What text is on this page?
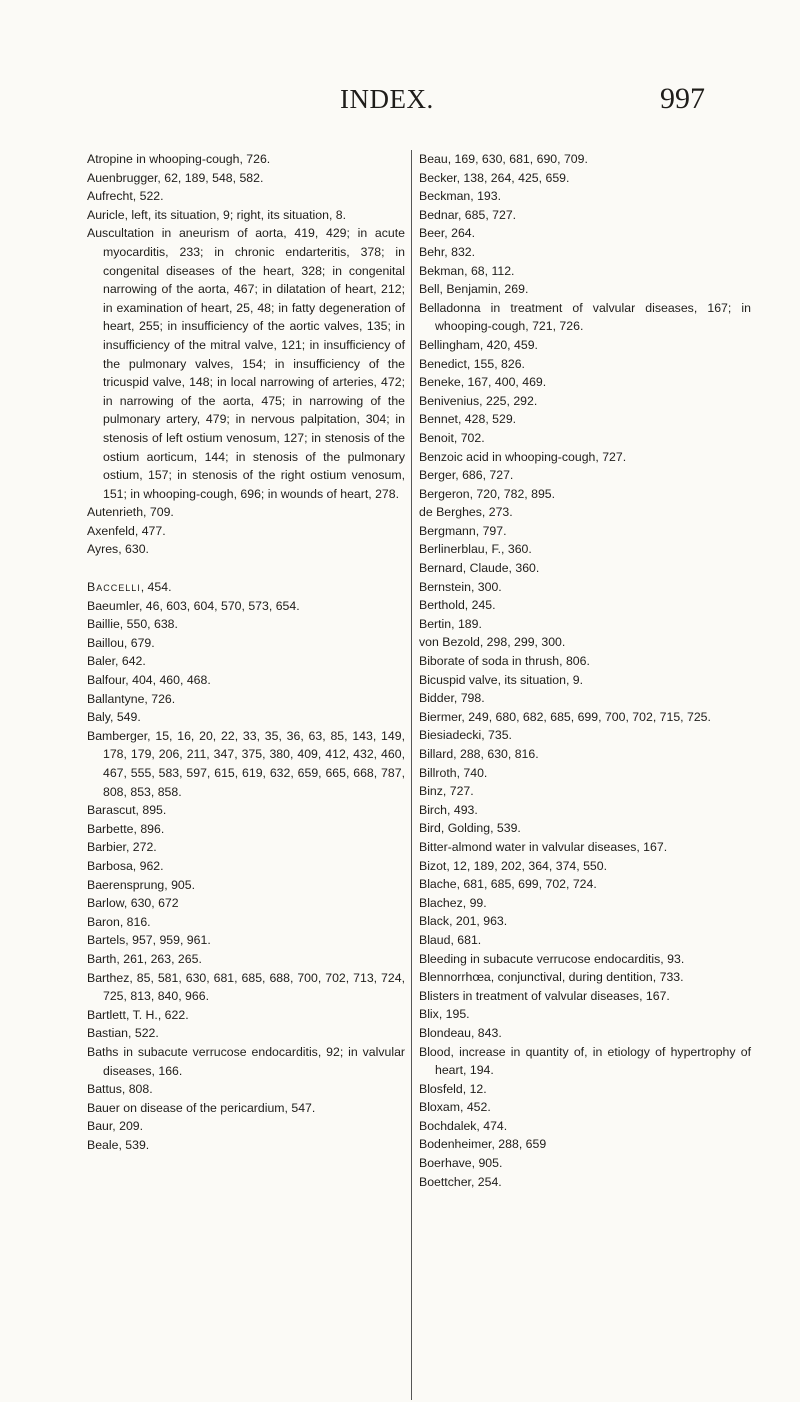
INDEX.	997
Atropine in whooping-cough, 726.
Auenbrugger, 62, 189, 548, 582.
Aufrecht, 522.
Auricle, left, its situation, 9; right, its situation, 8.
Auscultation in aneurism of aorta, 419, 429; in acute myocarditis, 233; in chronic endarteritis, 378; in congenital diseases of the heart, 328; in congenital narrowing of the aorta, 467; in dilatation of heart, 212; in examination of heart, 25, 48; in fatty degeneration of heart, 255; in insufficiency of the aortic valves, 135; in insufficiency of the mitral valve, 121; in insufficiency of the pulmonary valves, 154; in insufficiency of the tricuspid valve, 148; in local narrowing of arteries, 472; in narrowing of the aorta, 475; in narrowing of the pulmonary artery, 479; in nervous palpitation, 304; in stenosis of left ostium venosum, 127; in stenosis of the ostium aorticum, 144; in stenosis of the pulmonary ostium, 157; in stenosis of the right ostium venosum, 151; in whooping-cough, 696; in wounds of heart, 278.
Autenrieth, 709.
Axenfeld, 477.
Ayres, 630.
Baccelli, 454.
Baeumler, 46, 603, 604, 570, 573, 654.
Baillie, 550, 638.
Baillou, 679.
Baler, 642.
Balfour, 404, 460, 468.
Ballantyne, 726.
Baly, 549.
Bamberger, 15, 16, 20, 22, 33, 35, 36, 63, 85, 143, 149, 178, 179, 206, 211, 347, 375, 380, 409, 412, 432, 460, 467, 555, 583, 597, 615, 619, 632, 659, 665, 668, 787, 808, 853, 858.
Barascut, 895.
Barbette, 896.
Barbier, 272.
Barbosa, 962.
Baerensprung, 905.
Barlow, 630, 672
Baron, 816.
Bartels, 957, 959, 961.
Barth, 261, 263, 265.
Barthez, 85, 581, 630, 681, 685, 688, 700, 702, 713, 724, 725, 813, 840, 966.
Bartlett, T. H., 622.
Bastian, 522.
Baths in subacute verrucose endocarditis, 92; in valvular diseases, 166.
Battus, 808.
Bauer on disease of the pericardium, 547.
Baur, 209.
Beale, 539.
Beau, 169, 630, 681, 690, 709.
Becker, 138, 264, 425, 659.
Beckman, 193.
Bednar, 685, 727.
Beer, 264.
Behr, 832.
Bekman, 68, 112.
Bell, Benjamin, 269.
Belladonna in treatment of valvular diseases, 167; in whooping-cough, 721, 726.
Bellingham, 420, 459.
Benedict, 155, 826.
Beneke, 167, 400, 469.
Benivenius, 225, 292.
Bennet, 428, 529.
Benoit, 702.
Benzoic acid in whooping-cough, 727.
Berger, 686, 727.
Bergeron, 720, 782, 895.
de Berghes, 273.
Bergmann, 797.
Berlinerblau, F., 360.
Bernard, Claude, 360.
Bernstein, 300.
Berthold, 245.
Bertin, 189.
von Bezold, 298, 299, 300.
Biborate of soda in thrush, 806.
Bicuspid valve, its situation, 9.
Bidder, 798.
Biermer, 249, 680, 682, 685, 699, 700, 702, 715, 725.
Biesiadecki, 735.
Billard, 288, 630, 816.
Billroth, 740.
Binz, 727.
Birch, 493.
Bird, Golding, 539.
Bitter-almond water in valvular diseases, 167.
Bizot, 12, 189, 202, 364, 374, 550.
Blache, 681, 685, 699, 702, 724.
Blachez, 99.
Black, 201, 963.
Blaud, 681.
Bleeding in subacute verrucose endocarditis, 93.
Blennorrhœa, conjunctival, during dentition, 733.
Blisters in treatment of valvular diseases, 167.
Blix, 195.
Blondeau, 843.
Blood, increase in quantity of, in etiology of hypertrophy of heart, 194.
Blosfeld, 12.
Bloxam, 452.
Bochdalek, 474.
Bodenheimer, 288, 659
Boerhave, 905.
Boettcher, 254.
